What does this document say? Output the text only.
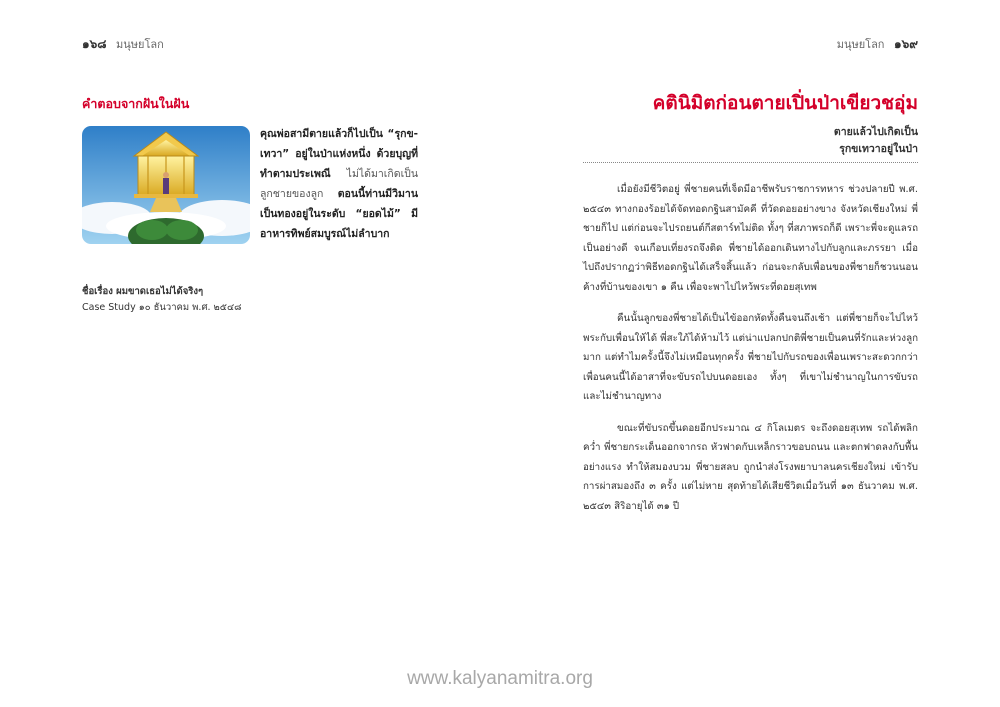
๑๖๘ มนุษยโลก	มนุษยโลก ๑๖๙
คำตอบจากฝันในฝัน
คุณพ่อสามีตายแล้วก็ไปเป็น “รุกข-เทวา” อยู่ในป่าแห่งหนึ่ง ด้วยบุญที่ทำตามประเพณี ไม่ได้มาเกิดเป็นลูกชายของลูก ตอนนี้ท่านมีวิมานเป็นทองอยู่ในระดับ “ยอดไม้” มีอาหารทิพย์สมบูรณ์ไม่ลำบาก
ชื่อเรื่อง ผมขาดเธอไม่ได้จริงๆ
Case Study ๑๐ ธันวาคม พ.ศ. ๒๕๔๘
คตินิมิตก่อนตายเปิ่นป่าเขียวชอุ่ม
ตายแล้วไปเกิดเป็น
รุกขเทวาอยู่ในป่า

เมื่อยังมีชีวิตอยู่ พี่ชายคนที่เจ็ดมีอาชีพรับราชการทหาร ช่วงปลายปี พ.ศ. ๒๕๔๓ ทางกองร้อยได้จัดทอดกฐินสามัคคี ที่วัดดอยอย่างขาง จังหวัดเชียงใหม่ พี่ชายก็ไป แต่ก่อนจะไปรถยนต์กีสตาร์ทไม่ติด ทั้งๆ ที่สภาพรถก็ดี เพราะพี่จะดูแลรถเป็นอย่างดี จนเกือบเที่ยงรถจึงติด พี่ชายได้ออกเดินทางไปกับลูกและภรรยา เมื่อไปถึงปรากฏว่าพิธีทอดกฐินได้เสร็จสิ้นแล้ว ก่อนจะกลับเพื่อนของพี่ชายก็ชวนนอนค้างที่บ้านของเขา ๑ คืน เพื่อจะพาไปไหว้พระที่ดอยสุเทพ

คืนนั้นลูกของพี่ชายได้เป็นไข้ออกหัดทั้งคืนจนถึงเช้า แต่พี่ชายก็จะไปไหว้พระกับเพื่อนให้ได้ พี่สะใภ้ได้ห้ามไว้ แต่น่าแปลกปกติพี่ชายเป็นคนที่รักและห่วงลูกมาก แต่ทำไมครั้งนี้จึงไม่เหมือนทุกครั้ง พี่ชายไปกับรถของเพื่อนเพราะสะดวกกว่า เพื่อนคนนี้ได้อาสาที่จะขับรถไปบนดอยเอง ทั้งๆ ที่เขาไม่ชำนาญในการขับรถ และไม่ชำนาญทาง

ขณะที่ขับรถขึ้นดอยอีกประมาณ ๔ กิโลเมตร จะถึงดอยสุเทพ รถได้พลิกคว่ำ พี่ชายกระเด็นออกจากรถ หัวฟาดกับเหล็กราวขอบถนน และตกฟาดลงกับพื้นอย่างแรง ทำให้สมองบวม พี่ชายสลบ ถูกนำส่งโรงพยาบาลนครเชียงใหม่ เข้ารับการผ่าสมองถึง ๓ ครั้ง แต่ไม่หาย สุดท้ายได้เสียชีวิตเมื่อวันที่ ๑๓ ธันวาคม พ.ศ. ๒๕๔๓ สิริอายุได้ ๓๑ ปี

www.kalyanamitra.org
